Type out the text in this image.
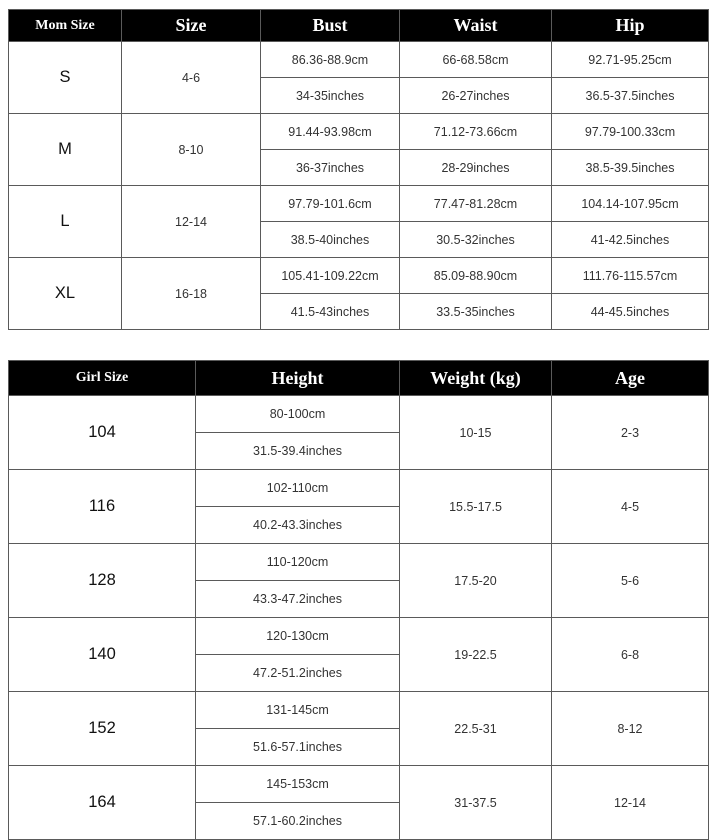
Mom Size	Size	Bust	Waist	Hip
S	4-6	86.36-88.9cm	66-68.58cm	92.71-95.25cm
		34-35inches	26-27inches	36.5-37.5inches
M	8-10	91.44-93.98cm	71.12-73.66cm	97.79-100.33cm
		36-37inches	28-29inches	38.5-39.5inches
L	12-14	97.79-101.6cm	77.47-81.28cm	104.14-107.95cm
		38.5-40inches	30.5-32inches	41-42.5inches
XL	16-18	105.41-109.22cm	85.09-88.90cm	111.76-115.57cm
		41.5-43inches	33.5-35inches	44-45.5inches
Girl Size	Height	Weight (kg)	Age
104	80-100cm	10-15	2-3
	31.5-39.4inches		
116	102-110cm	15.5-17.5	4-5
	40.2-43.3inches		
128	110-120cm	17.5-20	5-6
	43.3-47.2inches		
140	120-130cm	19-22.5	6-8
	47.2-51.2inches		
152	131-145cm	22.5-31	8-12
	51.6-57.1inches		
164	145-153cm	31-37.5	12-14
	57.1-60.2inches		
